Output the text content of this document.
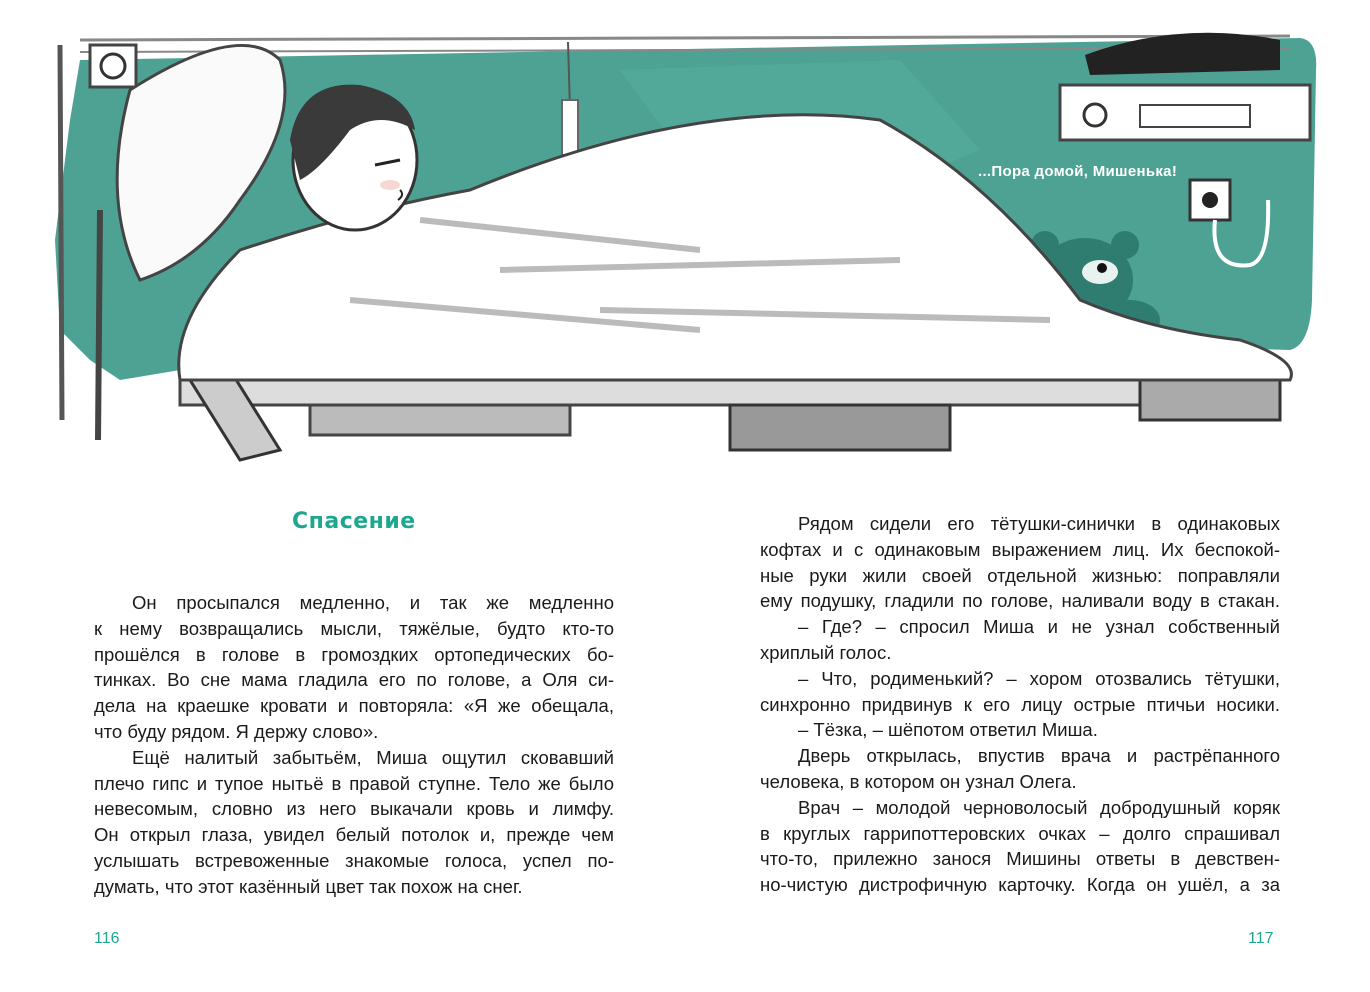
...Пора домой, Мишенька!
Спасение
Он просыпался медленно, и так же медленно
к нему возвращались мысли, тяжёлые, будто кто-то
прошёлся в голове в громоздких ортопедических бо-
тинках. Во сне мама гладила его по голове, а Оля си-
дела на краешке кровати и повторяла: «Я же обещала,
что буду рядом. Я держу слово».
Ещё налитый забытьём, Миша ощутил сковавший
плечо гипс и тупое нытьё в правой ступне. Тело же было
невесомым, словно из него выкачали кровь и лимфу.
Он открыл глаза, увидел белый потолок и, прежде чем
услышать встревоженные знакомые голоса, успел по-
думать, что этот казённый цвет так похож на снег.
Рядом сидели его тётушки-синички в одинаковых
кофтах и с одинаковым выражением лиц. Их беспокой-
ные руки жили своей отдельной жизнью: поправляли
ему подушку, гладили по голове, наливали воду в стакан.
– Где? – спросил Миша и не узнал собственный
хриплый голос.
– Что, родименький? – хором отозвались тётушки,
синхронно придвинув к его лицу острые птичьи носики.
– Тёзка, – шёпотом ответил Миша.
Дверь открылась, впустив врача и растрёпанного
человека, в котором он узнал Олега.
Врач – молодой черноволосый добродушный коряк
в круглых гаррипоттеровских очках – долго спрашивал
что-то, прилежно занося Мишины ответы в девствен-
но-чистую дистрофичную карточку. Когда он ушёл, а за
116	117
